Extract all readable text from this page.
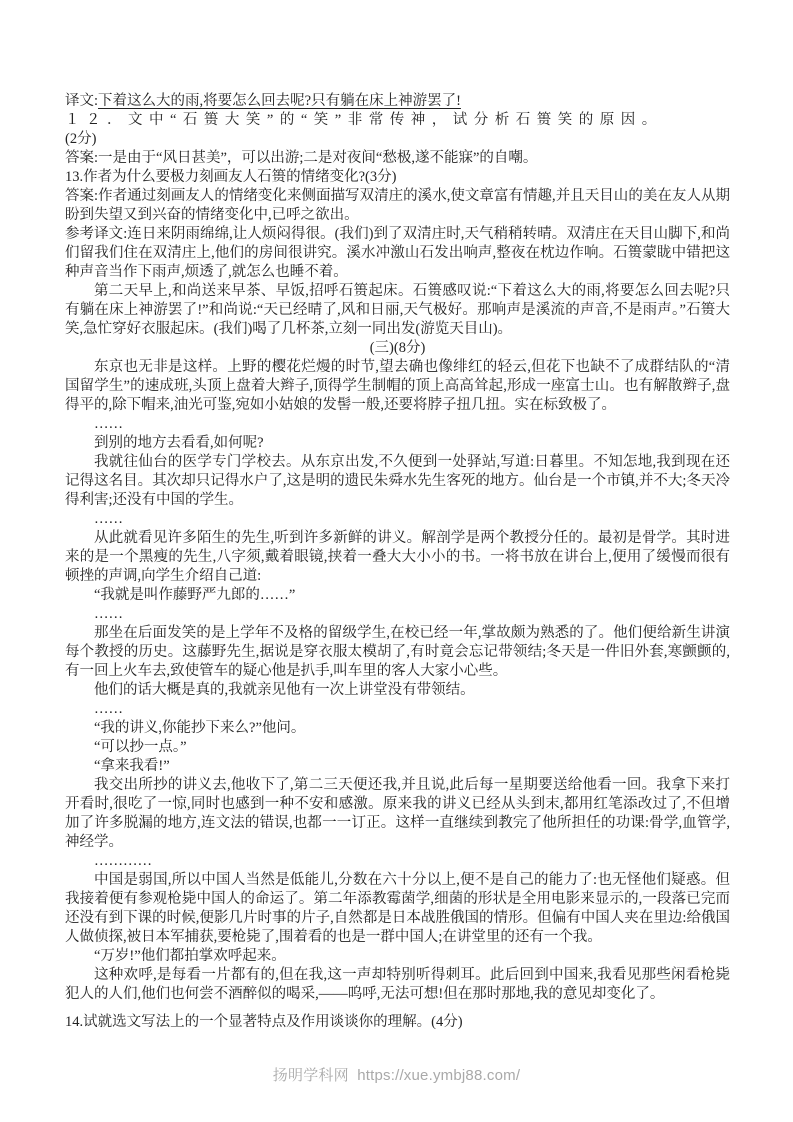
译文:下着这么大的雨,将要怎么回去呢?只有躺在床上神游罢了!

１２．文中“石篑大笑”的“笑”非常传神，试分析石篑笑的原因。

(2分)

答案:一是由于“风日甚美”，可以出游;二是对夜间“愁极,遂不能寐”的自嘲。

13.作者为什么要极力刻画友人石篑的情绪变化?(3分)

答案:作者通过刻画友人的情绪变化来侧面描写双清庄的溪水,使文章富有情趣,并且天目山的美在友人从期盼到失望又到兴奋的情绪变化中,已呼之欲出。

参考译文:连日来阴雨绵绵,让人烦闷得很。(我们)到了双清庄时,天气稍稍转晴。双清庄在天目山脚下,和尚们留我们住在双清庄上,他们的房间很讲究。溪水冲激山石发出响声,整夜在枕边作响。石篑蒙眬中错把这种声音当作下雨声,烦透了,就怎么也睡不着。

第二天早上,和尚送来早茶、早饭,招呼石篑起床。石篑感叹说:“下着这么大的雨,将要怎么回去呢?只有躺在床上神游罢了!”和尚说:“天已经晴了,风和日丽,天气极好。那响声是溪流的声音,不是雨声。”石篑大笑,急忙穿好衣服起床。(我们)喝了几杯茶,立刻一同出发(游览天目山)。

(三)(8分)

东京也无非是这样。上野的樱花烂熳的时节,望去确也像绯红的轻云,但花下也缺不了成群结队的“清国留学生”的速成班,头顶上盘着大辫子,顶得学生制帽的顶上高高耸起,形成一座富士山。也有解散辫子,盘得平的,除下帽来,油光可鉴,宛如小姑娘的发髻一般,还要将脖子扭几扭。实在标致极了。

……

到别的地方去看看,如何呢?

我就往仙台的医学专门学校去。从东京出发,不久便到一处驿站,写道:日暮里。不知怎地,我到现在还记得这名目。其次却只记得水户了,这是明的遗民朱舜水先生客死的地方。仙台是一个市镇,并不大;冬天冷得利害;还没有中国的学生。

……

从此就看见许多陌生的先生,听到许多新鲜的讲义。解剖学是两个教授分任的。最初是骨学。其时进来的是一个黑瘦的先生,八字须,戴着眼镜,挟着一叠大大小小的书。一将书放在讲台上,便用了缓慢而很有顿挫的声调,向学生介绍自己道:

“我就是叫作藤野严九郎的……”

……

那坐在后面发笑的是上学年不及格的留级学生,在校已经一年,掌故颇为熟悉的了。他们便给新生讲演每个教授的历史。这藤野先生,据说是穿衣服太模胡了,有时竟会忘记带领结;冬天是一件旧外套,寒颤颤的,有一回上火车去,致使管车的疑心他是扒手,叫车里的客人大家小心些。

他们的话大概是真的,我就亲见他有一次上讲堂没有带领结。

……

“我的讲义,你能抄下来么?”他问。

“可以抄一点。”

“拿来我看!”

我交出所抄的讲义去,他收下了,第二三天便还我,并且说,此后每一星期要送给他看一回。我拿下来打开看时,很吃了一惊,同时也感到一种不安和感激。原来我的讲义已经从头到末,都用红笔添改过了,不但增加了许多脱漏的地方,连文法的错误,也都一一订正。这样一直继续到教完了他所担任的功课:骨学,血管学,神经学。

…………

中国是弱国,所以中国人当然是低能儿,分数在六十分以上,便不是自己的能力了:也无怪他们疑惑。但我接着便有参观枪毙中国人的命运了。第二年添教霉菌学,细菌的形状是全用电影来显示的,一段落已完而还没有到下课的时候,便影几片时事的片子,自然都是日本战胜俄国的情形。但偏有中国人夹在里边:给俄国人做侦探,被日本军捕获,要枪毙了,围着看的也是一群中国人;在讲堂里的还有一个我。

“万岁!”他们都拍掌欢呼起来。

这种欢呼,是每看一片都有的,但在我,这一声却特别听得刺耳。此后回到中国来,我看见那些闲看枪毙犯人的人们,他们也何尝不酒醉似的喝采,——呜呼,无法可想!但在那时那地,我的意见却变化了。

14.试就选文写法上的一个显著特点及作用谈谈你的理解。(4分)

扬明学科网 https://xue.ymbj88.com/
